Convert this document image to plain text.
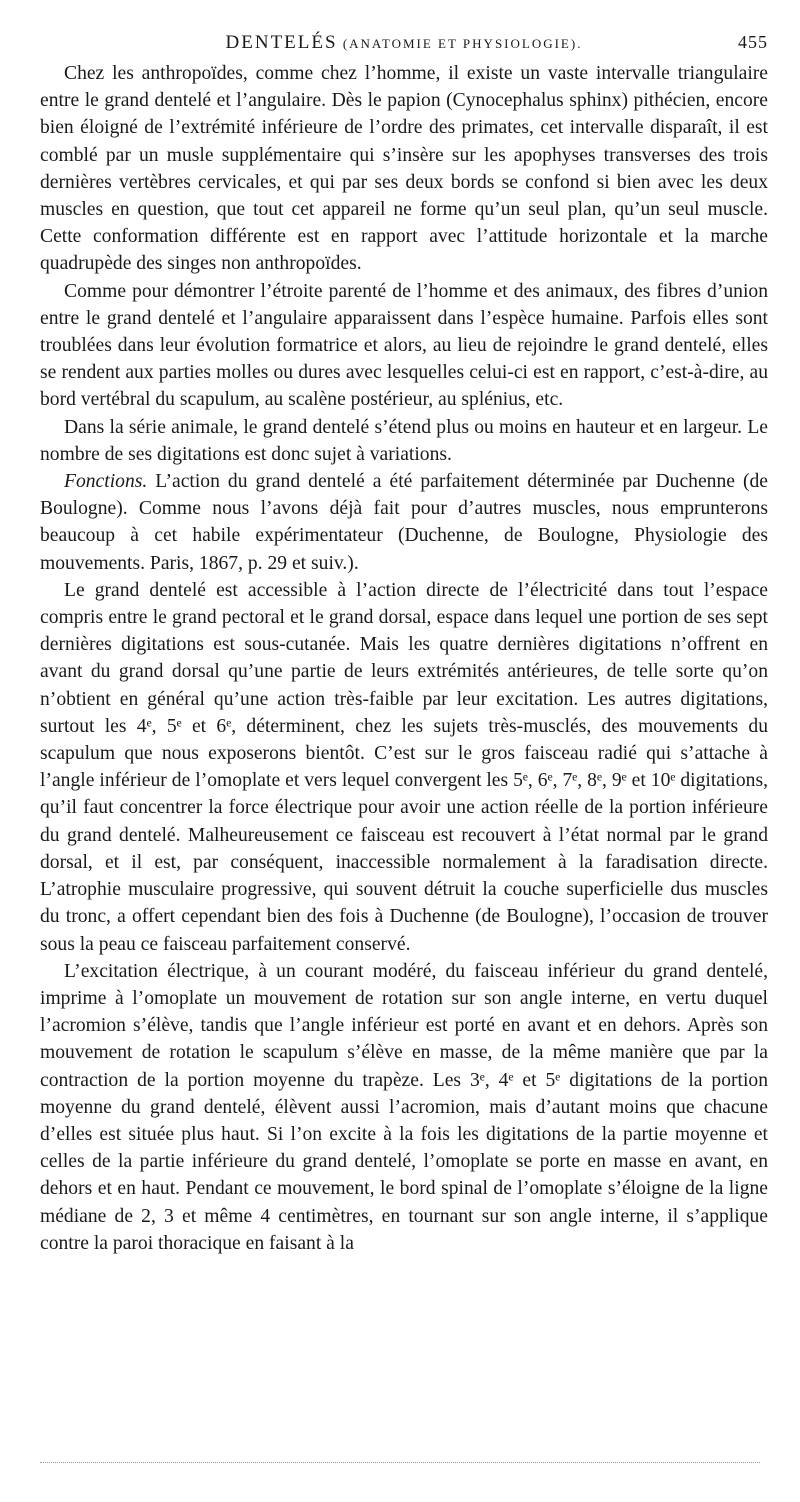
DENTELÉS (ANATOMIE ET PHYSIOLOGIE).	455

Chez les anthropoïdes, comme chez l’homme, il existe un vaste intervalle triangulaire entre le grand dentelé et l’angulaire. Dès le papion (Cynocephalus sphinx) pithécien, encore bien éloigné de l’extrémité inférieure de l’ordre des primates, cet intervalle disparaît, il est comblé par un musle supplémentaire qui s’insère sur les apophyses transverses des trois dernières vertèbres cervicales, et qui par ses deux bords se confond si bien avec les deux muscles en question, que tout cet appareil ne forme qu’un seul plan, qu’un seul muscle. Cette conformation différente est en rapport avec l’attitude horizontale et la marche quadrupède des singes non anthropoïdes.

Comme pour démontrer l’étroite parenté de l’homme et des animaux, des fibres d’union entre le grand dentelé et l’angulaire apparaissent dans l’espèce humaine. Parfois elles sont troublées dans leur évolution formatrice et alors, au lieu de rejoindre le grand dentelé, elles se rendent aux parties molles ou dures avec lesquelles celui-ci est en rapport, c’est-à-dire, au bord vertébral du scapulum, au scalène postérieur, au splénius, etc.

Dans la série animale, le grand dentelé s’étend plus ou moins en hauteur et en largeur. Le nombre de ses digitations est donc sujet à variations.

Fonctions. L’action du grand dentelé a été parfaitement déterminée par Duchenne (de Boulogne). Comme nous l’avons déjà fait pour d’autres muscles, nous emprunterons beaucoup à cet habile expérimentateur (Duchenne, de Boulogne, Physiologie des mouvements. Paris, 1867, p. 29 et suiv.).

Le grand dentelé est accessible à l’action directe de l’électricité dans tout l’espace compris entre le grand pectoral et le grand dorsal, espace dans lequel une portion de ses sept dernières digitations est sous-cutanée. Mais les quatre dernières digitations n’offrent en avant du grand dorsal qu’une partie de leurs extrémités antérieures, de telle sorte qu’on n’obtient en général qu’une action très-faible par leur excitation. Les autres digitations, surtout les 4ᵉ, 5ᵉ et 6ᵉ, déterminent, chez les sujets très-musclés, des mouvements du scapulum que nous exposerons bientôt. C’est sur le gros faisceau radié qui s’attache à l’angle inférieur de l’omoplate et vers lequel convergent les 5ᵉ, 6ᵉ, 7ᵉ, 8ᵉ, 9ᵉ et 10ᵉ digitations, qu’il faut concentrer la force électrique pour avoir une action réelle de la portion inférieure du grand dentelé. Malheureusement ce faisceau est recouvert à l’état normal par le grand dorsal, et il est, par conséquent, inaccessible normalement à la faradisation directe. L’atrophie musculaire progressive, qui souvent détruit la couche superficielle dus muscles du tronc, a offert cependant bien des fois à Duchenne (de Boulogne), l’occasion de trouver sous la peau ce faisceau parfaitement conservé.

L’excitation électrique, à un courant modéré, du faisceau inférieur du grand dentelé, imprime à l’omoplate un mouvement de rotation sur son angle interne, en vertu duquel l’acromion s’élève, tandis que l’angle inférieur est porté en avant et en dehors. Après son mouvement de rotation le scapulum s’élève en masse, de la même manière que par la contraction de la portion moyenne du trapèze. Les 3ᵉ, 4ᵉ et 5ᵉ digitations de la portion moyenne du grand dentelé, élèvent aussi l’acromion, mais d’autant moins que chacune d’elles est située plus haut. Si l’on excite à la fois les digitations de la partie moyenne et celles de la partie inférieure du grand dentelé, l’omoplate se porte en masse en avant, en dehors et en haut. Pendant ce mouvement, le bord spinal de l’omoplate s’éloigne de la ligne médiane de 2, 3 et même 4 centimètres, en tournant sur son angle interne, il s’applique contre la paroi thoracique en faisant à la
